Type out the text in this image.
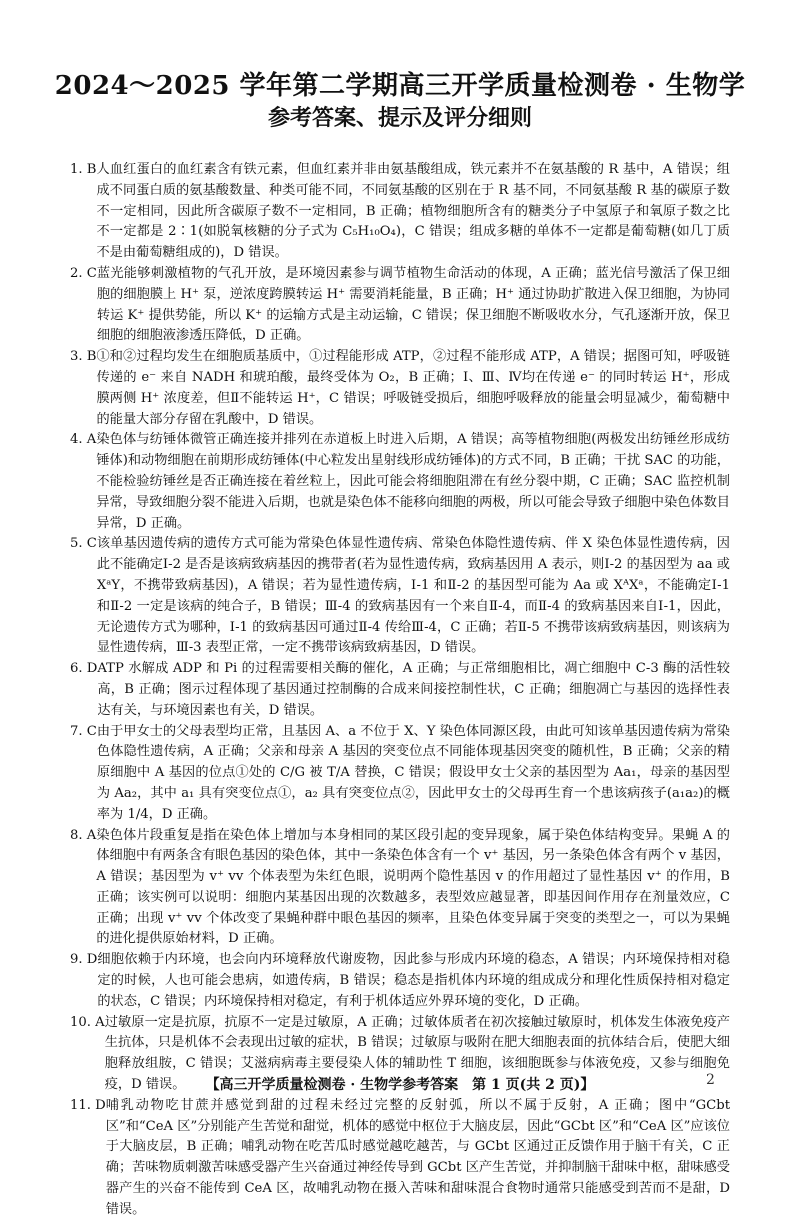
2024～2025 学年第二学期高三开学质量检测卷 · 生物学
参考答案、提示及评分细则
1. B 人血红蛋白的血红素含有铁元素，但血红素并非由氨基酸组成，铁元素并不在氨基酸的 R 基中，A 错误；组成不同蛋白质的氨基酸数量、种类可能不同，不同氨基酸的区别在于 R 基不同，不同氨基酸 R 基的碳原子数不一定相同，因此所含碳原子数不一定相同，B 正确；植物细胞所含有的糖类分子中氢原子和氧原子数之比不一定都是 2∶1(如脱氧核糖的分子式为 C₅H₁₀O₄)，C 错误；组成多糖的单体不一定都是葡萄糖(如几丁质不是由葡萄糖组成的)，D 错误。
2. C 蓝光能够刺激植物的气孔开放，是环境因素参与调节植物生命活动的体现，A 正确；蓝光信号激活了保卫细胞的细胞膜上 H⁺ 泵，逆浓度跨膜转运 H⁺ 需要消耗能量，B 正确；H⁺ 通过协助扩散进入保卫细胞，为协同转运 K⁺ 提供势能，所以 K⁺ 的运输方式是主动运输，C 错误；保卫细胞不断吸收水分，气孔逐渐开放，保卫细胞的细胞液渗透压降低，D 正确。
3. B ①和②过程均发生在细胞质基质中，①过程能形成 ATP，②过程不能形成 ATP，A 错误；据图可知，呼吸链传递的 e⁻ 来自 NADH 和琥珀酸，最终受体为 O₂，B 正确；Ⅰ、Ⅲ、Ⅳ均在传递 e⁻ 的同时转运 H⁺，形成膜两侧 H⁺ 浓度差，但Ⅱ不能转运 H⁺，C 错误；呼吸链受损后，细胞呼吸释放的能量会明显减少，葡萄糖中的能量大部分存留在乳酸中，D 错误。
4. A 染色体与纺锤体微管正确连接并排列在赤道板上时进入后期，A 错误；高等植物细胞(两极发出纺锤丝形成纺锤体)和动物细胞在前期形成纺锤体(中心粒发出星射线形成纺锤体)的方式不同，B 正确；干扰 SAC 的功能，不能检验纺锤丝是否正确连接在着丝粒上，因此可能会将细胞阻滞在有丝分裂中期，C 正确；SAC 监控机制异常，导致细胞分裂不能进入后期，也就是染色体不能移向细胞的两极，所以可能会导致子细胞中染色体数目异常，D 正确。
5. C 该单基因遗传病的遗传方式可能为常染色体显性遗传病、常染色体隐性遗传病、伴 X 染色体显性遗传病，因此不能确定Ⅰ-2 是否是该病致病基因的携带者(若为显性遗传病，致病基因用 A 表示，则Ⅰ-2 的基因型为 aa 或 XᵃY，不携带致病基因)，A 错误；若为显性遗传病，Ⅰ-1 和Ⅱ-2 的基因型可能为 Aa 或 XᴬXᵃ，不能确定Ⅰ-1 和Ⅱ-2 一定是该病的纯合子，B 错误；Ⅲ-4 的致病基因有一个来自Ⅱ-4，而Ⅱ-4 的致病基因来自Ⅰ-1，因此，无论遗传方式为哪种，Ⅰ-1 的致病基因可通过Ⅱ-4 传给Ⅲ-4，C 正确；若Ⅱ-5 不携带该病致病基因，则该病为显性遗传病，Ⅲ-3 表型正常，一定不携带该病致病基因，D 错误。
6. D ATP 水解成 ADP 和 Pi 的过程需要相关酶的催化，A 正确；与正常细胞相比，凋亡细胞中 C-3 酶的活性较高，B 正确；图示过程体现了基因通过控制酶的合成来间接控制性状，C 正确；细胞凋亡与基因的选择性表达有关，与环境因素也有关，D 错误。
7. C 由于甲女士的父母表型均正常，且基因 A、a 不位于 X、Y 染色体同源区段，由此可知该单基因遗传病为常染色体隐性遗传病，A 正确；父亲和母亲 A 基因的突变位点不同能体现基因突变的随机性，B 正确；父亲的精原细胞中 A 基因的位点①处的 C/G 被 T/A 替换，C 错误；假设甲女士父亲的基因型为 Aa₁，母亲的基因型为 Aa₂，其中 a₁ 具有突变位点①，a₂ 具有突变位点②，因此甲女士的父母再生育一个患该病孩子(a₁a₂)的概率为 1/4，D 正确。
8. A 染色体片段重复是指在染色体上增加与本身相同的某区段引起的变异现象，属于染色体结构变异。果蝇 A 的体细胞中有两条含有眼色基因的染色体，其中一条染色体含有一个 v⁺ 基因，另一条染色体含有两个 v 基因，A 错误；基因型为 v⁺ vv 个体表型为朱红色眼，说明两个隐性基因 v 的作用超过了显性基因 v⁺ 的作用，B 正确；该实例可以说明：细胞内某基因出现的次数越多，表型效应越显著，即基因间作用存在剂量效应，C 正确；出现 v⁺ vv 个体改变了果蝇种群中眼色基因的频率，且染色体变异属于突变的类型之一，可以为果蝇的进化提供原始材料，D 正确。
9. D 细胞依赖于内环境，也会向内环境释放代谢废物，因此参与形成内环境的稳态，A 错误；内环境保持相对稳定的时候，人也可能会患病，如遗传病，B 错误；稳态是指机体内环境的组成成分和理化性质保持相对稳定的状态，C 错误；内环境保持相对稳定，有利于机体适应外界环境的变化，D 正确。
10. A 过敏原一定是抗原，抗原不一定是过敏原，A 正确；过敏体质者在初次接触过敏原时，机体发生体液免疫产生抗体，只是机体不会表现出过敏的症状，B 错误；过敏原与吸附在肥大细胞表面的抗体结合后，使肥大细胞释放组胺，C 错误；艾滋病病毒主要侵染人体的辅助性 T 细胞，该细胞既参与体液免疫，又参与细胞免疫，D 错误。
11. D 哺乳动物吃甘蔗并感觉到甜的过程未经过完整的反射弧，所以不属于反射，A 正确；图中“GCbt 区”和“CeA 区”分别能产生苦觉和甜觉，机体的感觉中枢位于大脑皮层，因此“GCbt 区”和“CeA 区”应该位于大脑皮层，B 正确；哺乳动物在吃苦瓜时感觉越吃越苦，与 GCbt 区通过正反馈作用于脑干有关，C 正确；苦味物质刺激苦味感受器产生兴奋通过神经传导到 GCbt 区产生苦觉，并抑制脑干甜味中枢，甜味感受器产生的兴奋不能传到 CeA 区，故哺乳动物在摄入苦味和甜味混合食物时通常只能感受到苦而不是甜，D 错误。
【高三开学质量检测卷 · 生物学参考答案　第 1 页(共 2 页)】	2
